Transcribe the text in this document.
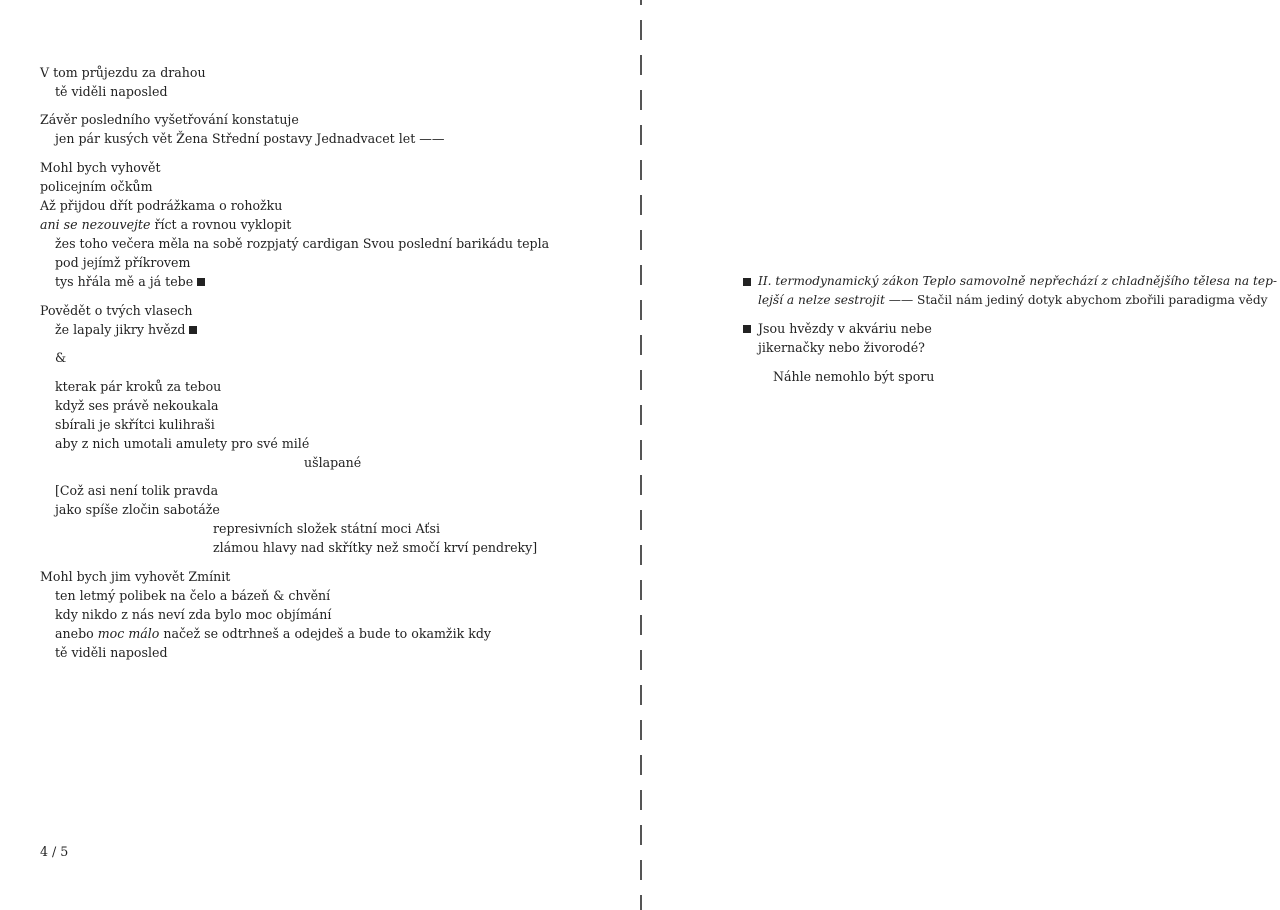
V tom průjezdu za drahou
tě viděli naposled
Závěr posledního vyšetřování konstatuje
jen pár kusých vět Žena Střední postavy Jednadvacet let ——
Mohl bych vyhovět
policejním očkům
Až přijdou dřít podrážkama o rohožku
ani se nezouvejte říct a rovnou vyklopit
žes toho večera měla na sobě rozpjatý cardigan Svou poslední barikádu tepla
pod jejímž příkrovem
tys hřála mě a já tebe
Povědět o tvých vlasech
že lapaly jikry hvězd
&
kterak pár kroků za tebou
když ses právě nekoukala
sbírali je skřítci kulihraši
aby z nich umotali amulety pro své milé
ušlapané
[Což asi není tolik pravda
jako spíše zločin sabotáže
represivních složek státní moci Aťsi
zlámou hlavy nad skřítky než smočí krví pendreky]
Mohl bych jim vyhovět Zmínit
ten letmý polibek na čelo a bázeň & chvění
kdy nikdo z nás neví zda bylo moc objímání
anebo moc málo načež se odtrhneš a odejdeš a bude to okamžik kdy
tě viděli naposled
4 / 5
II. termodynamický zákon Teplo samovolně nepřechází z chladnějšího tělesa na tep-
lejší a nelze sestrojit —— Stačil nám jediný dotyk abychom zbořili paradigma vědy
Jsou hvězdy v akváriu nebe
jikernačky nebo živorodé?
Náhle nemohlo být sporu
